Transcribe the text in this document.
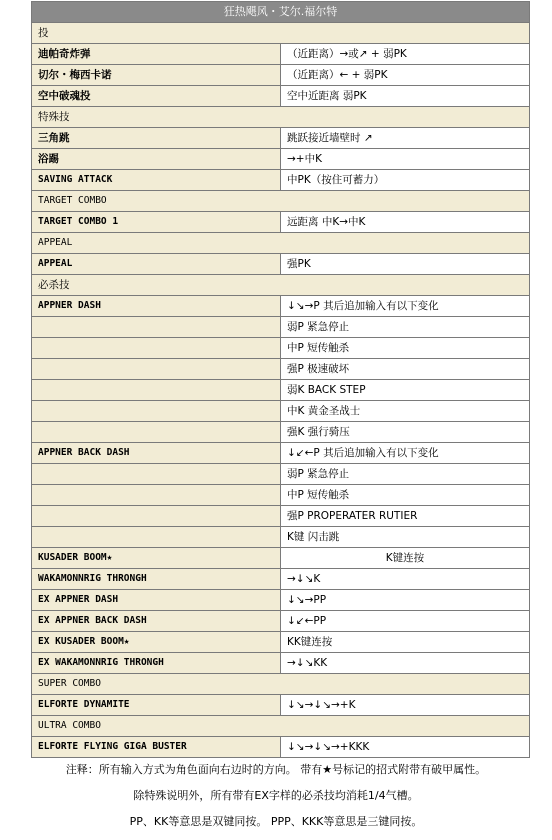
狂热飓风・艾尔.福尔特	
投	
迪帕奇炸弹	（近距离）→或↗ + 弱PK
切尔・梅西卡诺	（近距离）← + 弱PK
空中破魂投	空中近距离 弱PK
特殊技	
三角跳	跳跃接近墙壁时 ↗
浴踢	→+中K
SAVING ATTACK	中PK（按住可蓄力）
TARGET COMBO	
TARGET COMBO 1	远距离 中K→中K
APPEAL	
APPEAL	强PK
必杀技	
APPNER DASH	↓↘→P 其后追加输入有以下变化
	弱P 紧急停止
	中P 短传触杀
	强P 极速破坏
	弱K BACK STEP
	中K 黄金圣战士
	强K 强行骑压
APPNER BACK DASH	↓↙←P 其后追加输入有以下变化
	弱P 紧急停止
	中P 短传触杀
	强P PROPERATER RUTIER
	K键 闪击跳
KUSADER BOOM★	K键连按
WAKAMONNRIG THRONGH	→↓↘K
EX APPNER DASH	↓↘→PP
EX APPNER BACK DASH	↓↙←PP
EX KUSADER BOOM★	KK键连按
EX WAKAMONNRIG THRONGH	→↓↘KK
SUPER COMBO	
ELFORTE DYNAMITE	↓↘→↓↘→+K
ULTRA COMBO	
ELFORTE FLYING GIGA BUSTER	↓↘→↓↘→+KKK
注释：所有输入方式为角色面向右边时的方向。 带有★号标记的招式附带有破甲属性。
除特殊说明外，所有带有EX字样的必杀技均消耗1/4气槽。
PP、KK等意思是双键同按。 PPP、KKK等意思是三键同按。
